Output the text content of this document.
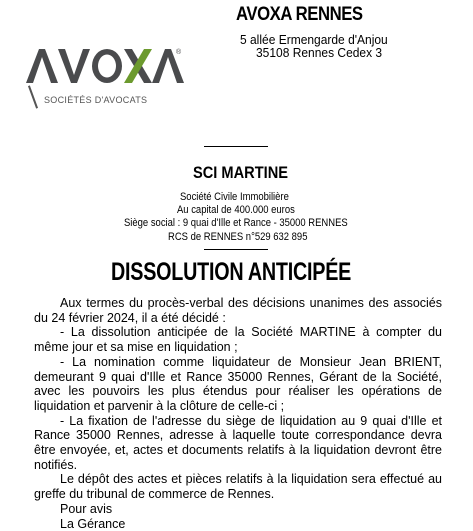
AVOXA RENNES
5 allée Ermengarde d'Anjou
35108 Rennes Cedex 3
®
SOCIÉTÉS D'AVOCATS
SCI MARTINE
Société Civile Immobilière
Au capital de 400.000 euros
Siège social : 9 quai d'Ille et Rance - 35000 RENNES
RCS de RENNES n°529 632 895
DISSOLUTION ANTICIPÉE

Aux termes du procès-verbal des décisions unanimes des associés du 24 février 2024, il a été décidé :

- La dissolution anticipée de la Société MARTINE à compter du même jour et sa mise en liquidation ;

- La nomination comme liquidateur de Monsieur Jean BRIENT, demeurant 9 quai d'Ille et Rance 35000 Rennes, Gérant de la Société, avec les pouvoirs les plus étendus pour réaliser les opérations de liquidation et parvenir à la clôture de celle-ci ;

- La fixation de l'adresse du siège de liquidation au 9 quai d'Ille et Rance 35000 Rennes, adresse à laquelle toute correspondance devra être envoyée, et, actes et documents relatifs à la liquidation devront être notifiés.

Le dépôt des actes et pièces relatifs à la liquidation sera effectué au greffe du tribunal de commerce de Rennes.

Pour avis

La Gérance
